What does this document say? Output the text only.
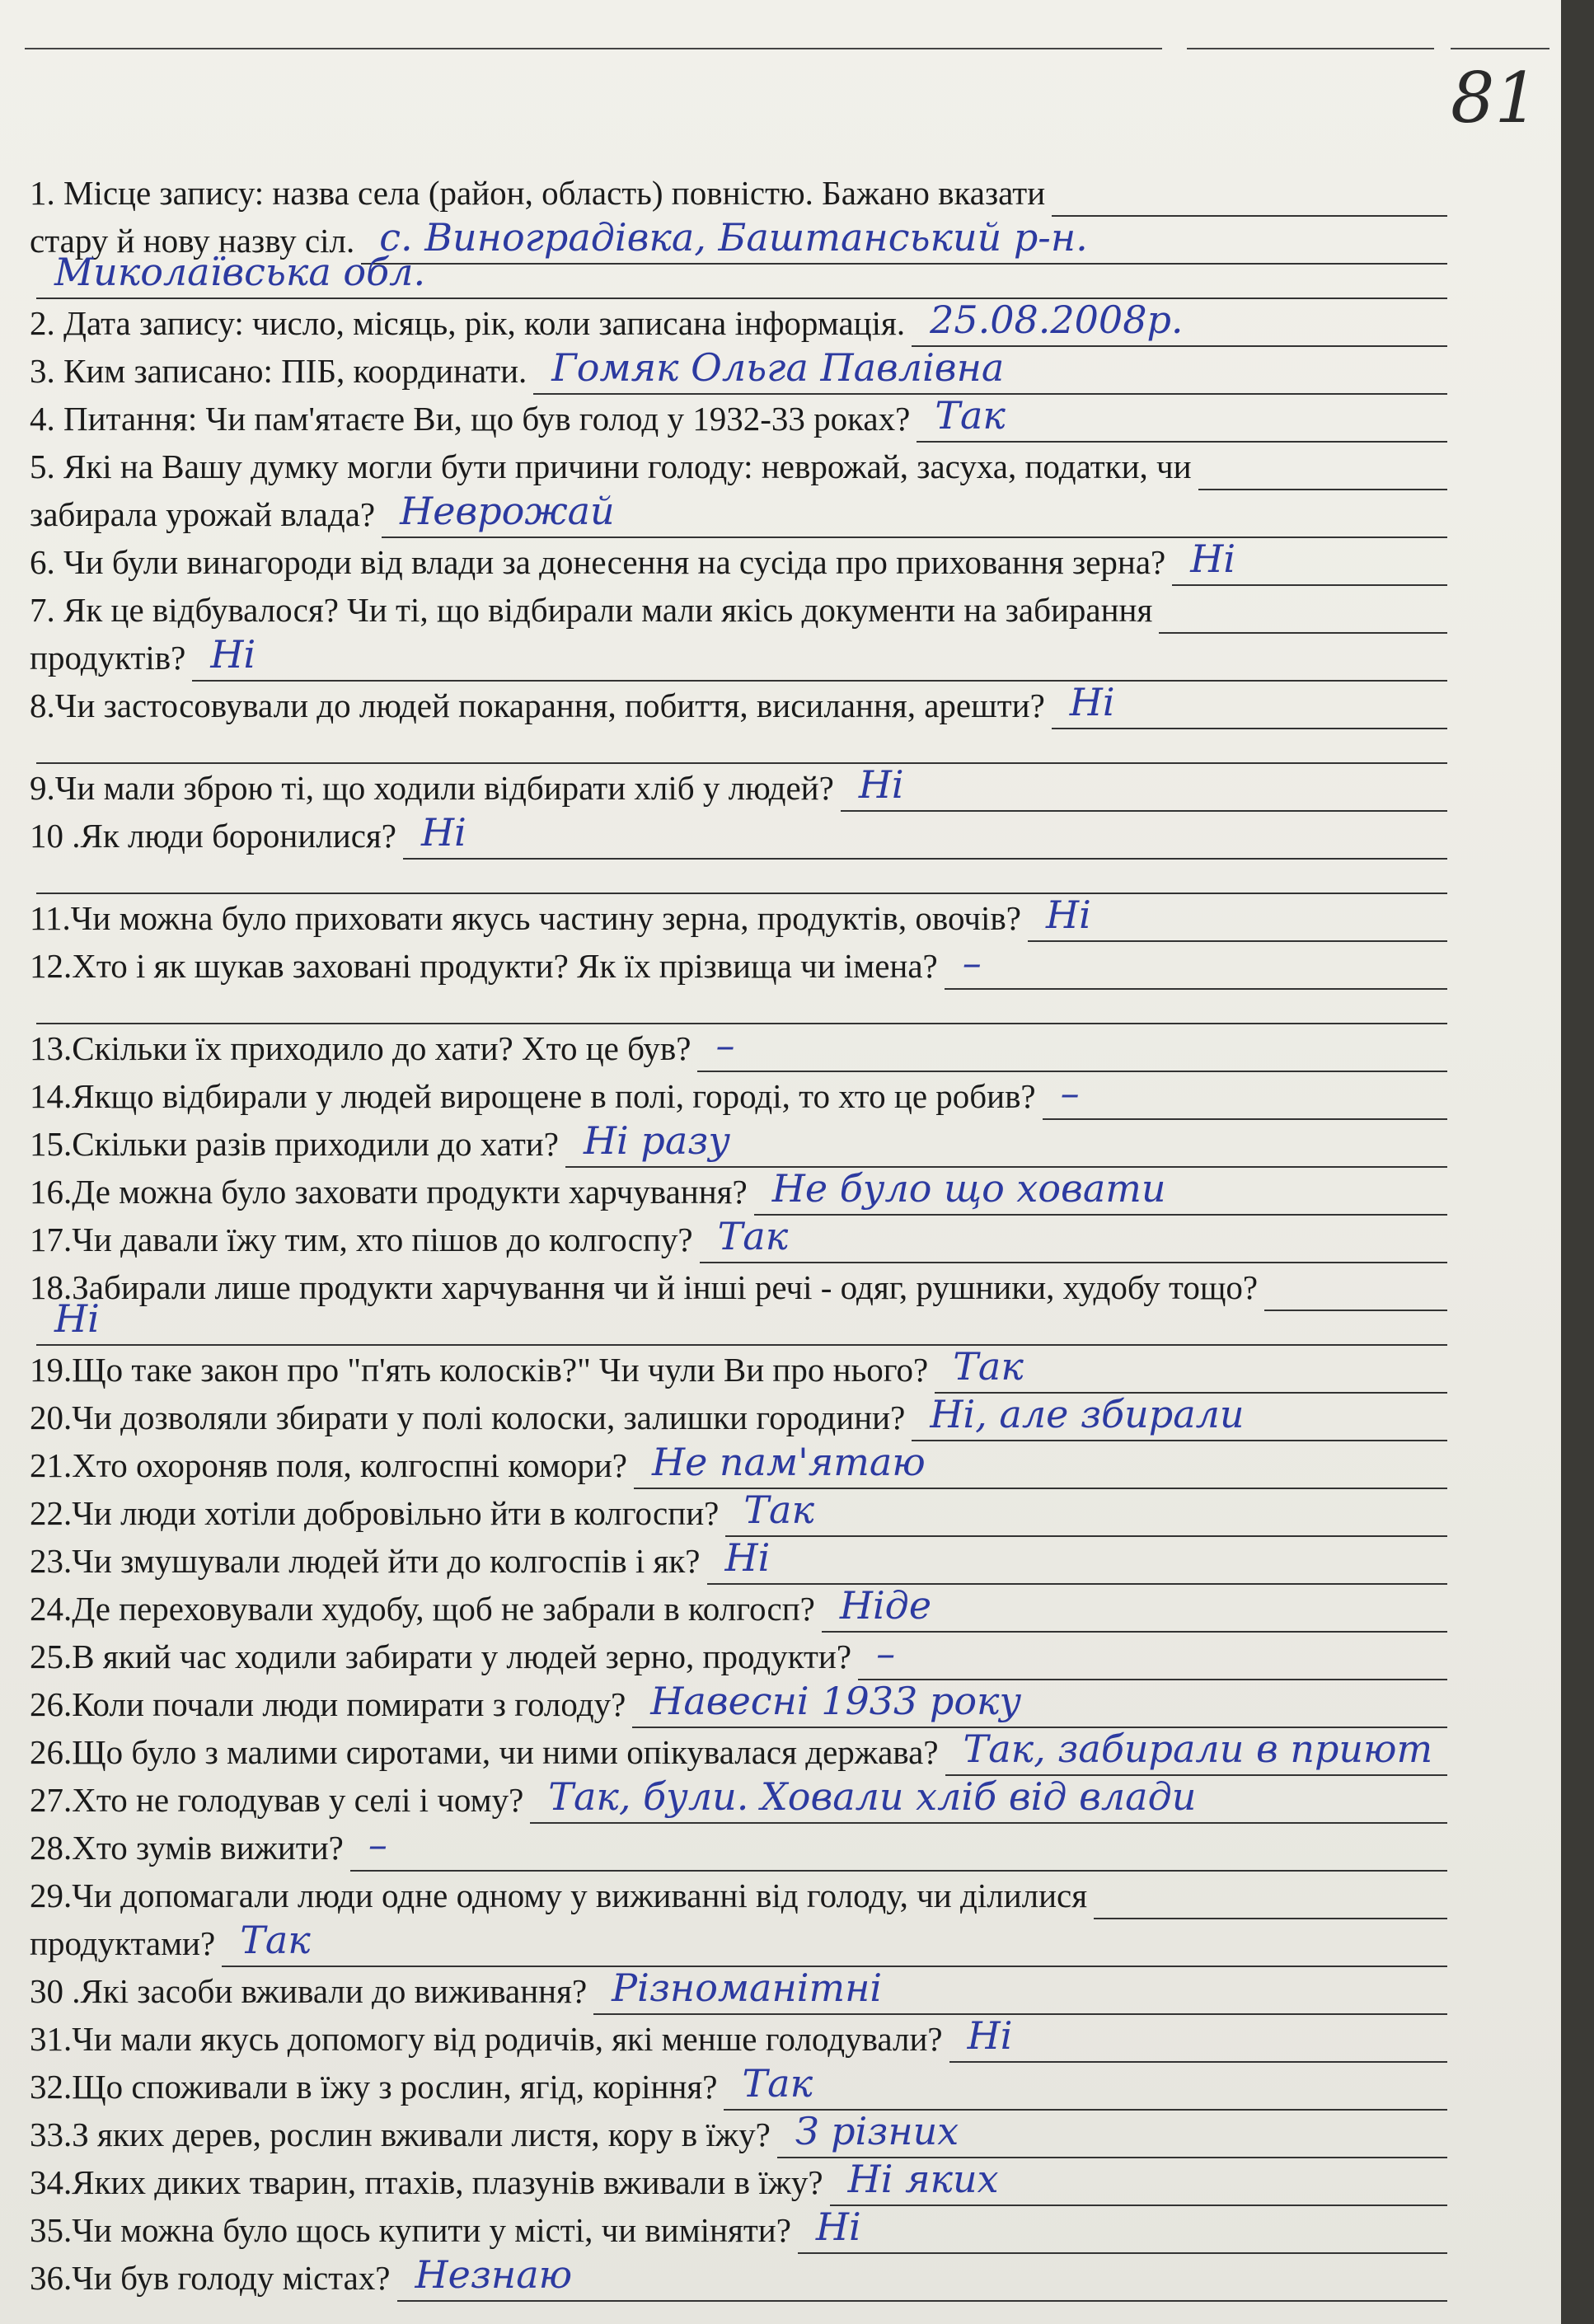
81
1. Місце запису: назва села (район, область) повністю. Бажано вказати
стару й нову назву сіл. с. Виноградівка, Баштанський р-н.
Миколаївська обл.
2. Дата запису: число, місяць, рік, коли записана інформація. 25.08.2008р.
3. Ким записано: ПІБ, координати. Гомяк Ольга Павлівна
4. Питання: Чи пам'ятаєте Ви, що був голод у 1932-33 роках? Так
5. Які на Вашу думку могли бути причини голоду: неврожай, засуха, податки, чи
забирала урожай влада? Неврожай
6. Чи були винагороди від влади за донесення на сусіда про приховання зерна? Ні
7. Як це відбувалося? Чи ті, що відбирали мали якісь документи на забирання
продуктів? Ні
8.Чи застосовували до людей покарання, побиття, висилання, арешти? Ні
9.Чи мали зброю ті, що ходили відбирати хліб у людей? Ні
10 .Як люди боронилися? Ні
11.Чи можна було приховати якусь частину зерна, продуктів, овочів? Ні
12.Хто і як шукав заховані продукти? Як їх прізвища чи імена? –
13.Скільки їх приходило до хати? Хто це був? –
14.Якщо відбирали у людей вирощене в полі, городі, то хто це робив? –
15.Скільки разів приходили до хати? Ні разу
16.Де можна було заховати продукти харчування? Не було що ховати
17.Чи давали їжу тим, хто пішов до колгоспу? Так
18.Забирали лише продукти харчування чи й інші речі - одяг, рушники, худобу тощо?
Ні
19.Що таке закон про "п'ять колосків?" Чи чули Ви про нього? Так
20.Чи дозволяли збирати у полі колоски, залишки городини? Ні, але збирали
21.Хто охороняв поля, колгоспні комори? Не пам'ятаю
22.Чи люди хотіли добровільно йти в колгоспи? Так
23.Чи змушували людей йти до колгоспів і як? Ні
24.Де переховували худобу, щоб не забрали в колгосп? Ніде
25.В який час ходили забирати у людей зерно, продукти? –
26.Коли почали люди помирати з голоду? Навесні 1933 року
26.Що було з малими сиротами, чи ними опікувалася держава? Так, забирали в приют
27.Хто не голодував у селі і чому? Так, були. Ховали хліб від влади
28.Хто зумів вижити? –
29.Чи допомагали люди одне одному у виживанні від голоду, чи ділилися
продуктами? Так
30 .Які засоби вживали до виживання? Різноманітні
31.Чи мали якусь допомогу від родичів, які менше голодували? Ні
32.Що споживали в їжу з рослин, ягід, коріння? Так
33.З яких дерев, рослин вживали листя, кору в їжу? З різних
34.Яких диких тварин, птахів, плазунів вживали в їжу? Ні яких
35.Чи можна було щось купити у місті, чи виміняти? Ні
36.Чи був голоду містах? Незнаю
